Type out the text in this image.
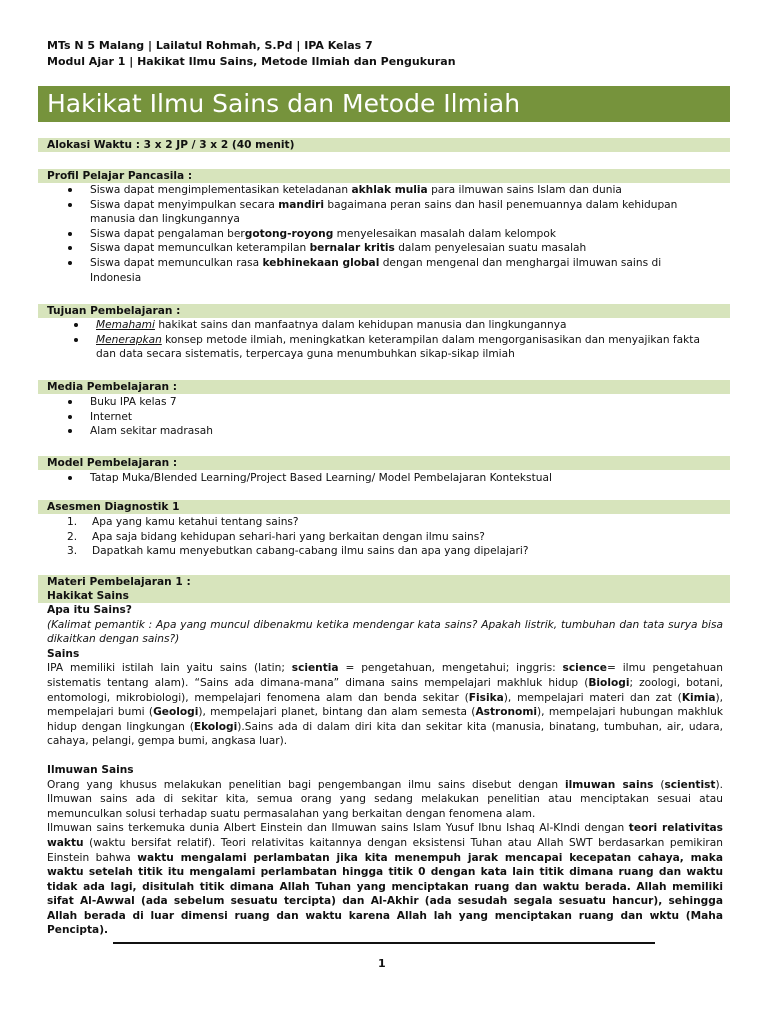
MTs N 5 Malang | Lailatul Rohmah, S.Pd | IPA Kelas 7
Modul Ajar 1 | Hakikat Ilmu Sains, Metode Ilmiah dan Pengukuran
Hakikat Ilmu Sains dan Metode Ilmiah
Alokasi Waktu : 3 x 2 JP / 3 x 2 (40 menit)
Profil Pelajar Pancasila :
Siswa dapat mengimplementasikan keteladanan akhlak mulia para ilmuwan sains Islam dan dunia
Siswa dapat menyimpulkan secara mandiri bagaimana peran sains dan hasil penemuannya dalam kehidupan manusia dan lingkungannya
Siswa dapat pengalaman bergotong-royong menyelesaikan masalah dalam kelompok
Siswa dapat memunculkan keterampilan bernalar kritis dalam penyelesaian suatu masalah
Siswa dapat memunculkan rasa kebhinekaan global dengan mengenal dan menghargai ilmuwan sains di Indonesia
Tujuan Pembelajaran :
Memahami hakikat sains dan manfaatnya dalam kehidupan manusia dan lingkungannya
Menerapkan konsep metode ilmiah, meningkatkan keterampilan dalam mengorganisasikan dan menyajikan fakta dan data secara sistematis, terpercaya guna menumbuhkan sikap-sikap ilmiah
Media Pembelajaran :
Buku IPA kelas 7
Internet
Alam sekitar madrasah
Model Pembelajaran :
Tatap Muka/Blended Learning/Project Based Learning/ Model Pembelajaran Kontekstual
Asesmen Diagnostik 1
1. Apa yang kamu ketahui tentang sains?
2. Apa saja bidang kehidupan sehari-hari yang berkaitan dengan ilmu sains?
3. Dapatkah kamu menyebutkan cabang-cabang ilmu sains dan apa yang dipelajari?
Materi Pembelajaran 1 :
Hakikat Sains
Apa itu Sains?
(Kalimat pemantik : Apa yang muncul dibenakmu ketika mendengar kata sains? Apakah listrik, tumbuhan dan tata surya bisa dikaitkan dengan sains?)
Sains

IPA memiliki istilah lain yaitu sains (latin; scientia = pengetahuan, mengetahui; inggris: science= ilmu pengetahuan sistematis tentang alam). “Sains ada dimana-mana” dimana sains mempelajari makhluk hidup (Biologi; zoologi, botani, entomologi, mikrobiologi), mempelajari fenomena alam dan benda sekitar (Fisika), mempelajari materi dan zat (Kimia), mempelajari bumi (Geologi), mempelajari planet, bintang dan alam semesta (Astronomi), mempelajari hubungan makhluk hidup dengan lingkungan (Ekologi).Sains ada di dalam diri kita dan sekitar kita (manusia, binatang, tumbuhan, air, udara, cahaya, pelangi, gempa bumi, angkasa luar).

Ilmuwan Sains

Orang yang khusus melakukan penelitian bagi pengembangan ilmu sains disebut dengan ilmuwan sains (scientist). Ilmuwan sains ada di sekitar kita, semua orang yang sedang melakukan penelitian atau menciptakan sesuai atau memunculkan solusi terhadap suatu permasalahan yang berkaitan dengan fenomena alam.

Ilmuwan sains terkemuka dunia Albert Einstein dan Ilmuwan sains Islam Yusuf Ibnu Ishaq Al-KIndi dengan teori relativitas waktu (waktu bersifat relatif). Teori relativitas kaitannya dengan eksistensi Tuhan atau Allah SWT berdasarkan pemikiran Einstein bahwa waktu mengalami perlambatan jika kita menempuh jarak mencapai kecepatan cahaya, maka waktu setelah titik itu mengalami perlambatan hingga titik 0 dengan kata lain titik dimana ruang dan waktu tidak ada lagi, disitulah titik dimana Allah Tuhan yang menciptakan ruang dan waktu berada. Allah memiliki sifat Al-Awwal (ada sebelum sesuatu tercipta) dan Al-Akhir (ada sesudah segala sesuatu hancur), sehingga Allah berada di luar dimensi ruang dan waktu karena Allah lah yang menciptakan ruang dan wktu (Maha Pencipta).

1
